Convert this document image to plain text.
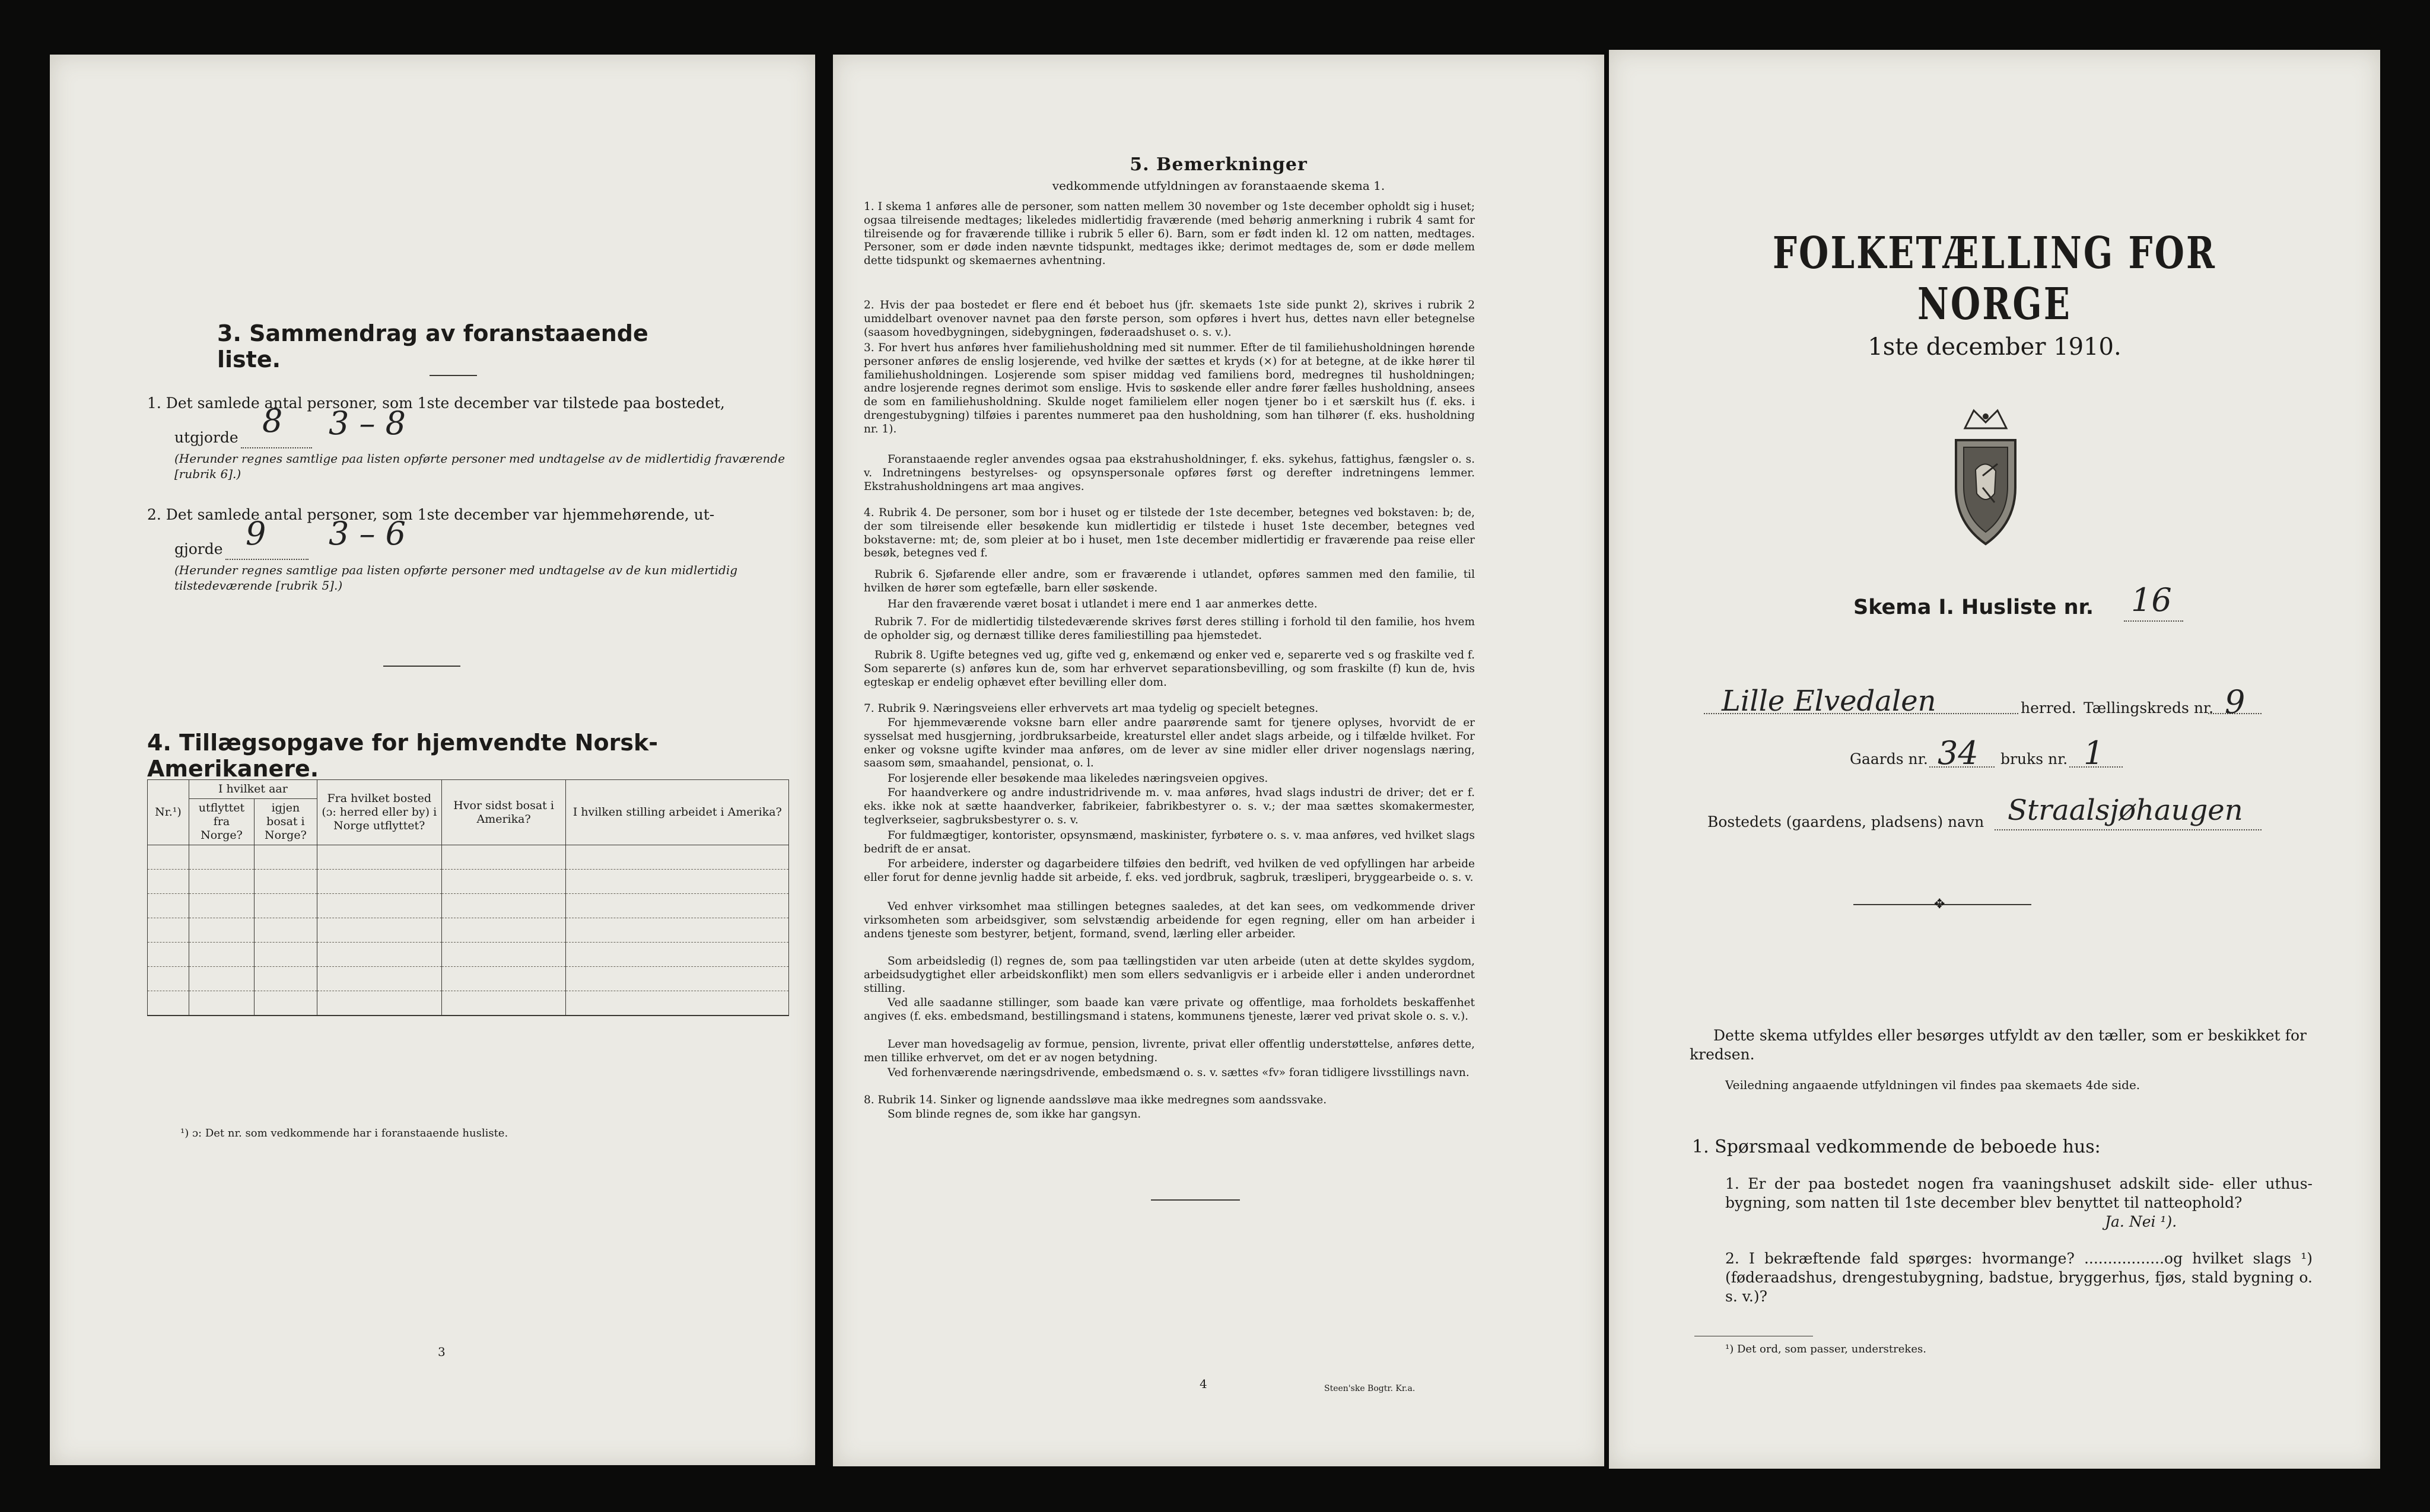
3. Sammendrag av foranstaaende liste.
1. Det samlede antal personer, som 1ste december var tilstede paa bostedet,
utgjorde 8 3 – 8
(Herunder regnes samtlige paa listen opførte personer med undtagelse av de midlertidig fraværende [rubrik 6].)
2. Det samlede antal personer, som 1ste december var hjemmehørende, ut-
gjorde 9 3 – 6
(Herunder regnes samtlige paa listen opførte personer med undtagelse av de kun midlertidig tilstedeværende [rubrik 5].)
4. Tillægsopgave for hjemvendte Norsk-Amerikanere.
Nr.¹)	I hvilket aar		Fra hvilket bosted (ɔ: herred eller by) i Norge utflyttet?	Hvor sidst bosat i Amerika?	I hvilken stilling arbeidet i Amerika?
	utflyttet fra Norge?	igjen bosat i Norge?			

¹) ɔ: Det nr. som vedkommende har i foranstaaende husliste.
3
5. Bemerkninger
vedkommende utfyldningen av foranstaaende skema 1.
1. I skema 1 anføres alle de personer, som natten mellem 30 november og 1ste december opholdt sig i huset; ogsaa tilreisende medtages; likeledes midlertidig fraværende (med behørig anmerkning i rubrik 4 samt for tilreisende og for fraværende tillike i rubrik 5 eller 6). Barn, som er født inden kl. 12 om natten, medtages. Personer, som er døde inden nævnte tidspunkt, medtages ikke; derimot medtages de, som er døde mellem dette tidspunkt og skemaernes avhentning.
2. Hvis der paa bostedet er flere end ét beboet hus (jfr. skemaets 1ste side punkt 2), skrives i rubrik 2 umiddelbart ovenover navnet paa den første person, som opføres i hvert hus, dettes navn eller betegnelse (saasom hovedbygningen, sidebygningen, føderaadshuset o. s. v.).
3. For hvert hus anføres hver familiehusholdning med sit nummer. Efter de til familiehusholdningen hørende personer anføres de enslig losjerende, ved hvilke der sættes et kryds (×) for at betegne, at de ikke hører til familiehusholdningen. Losjerende som spiser middag ved familiens bord, medregnes til husholdningen; andre losjerende regnes derimot som enslige. Hvis to søskende eller andre fører fælles husholdning, ansees de som en familiehusholdning. Skulde noget familielem eller nogen tjener bo i et særskilt hus (f. eks. i drengestubygning) tilføies i parentes nummeret paa den husholdning, som han tilhører (f. eks. husholdning nr. 1).
Foranstaaende regler anvendes ogsaa paa ekstrahusholdninger, f. eks. sykehus, fattighus, fængsler o. s. v. Indretningens bestyrelses- og opsynspersonale opføres først og derefter indretningens lemmer. Ekstrahusholdningens art maa angives.
4. Rubrik 4. De personer, som bor i huset og er tilstede der 1ste december, betegnes ved bokstaven: b; de, der som tilreisende eller besøkende kun midlertidig er tilstede i huset 1ste december, betegnes ved bokstaverne: mt; de, som pleier at bo i huset, men 1ste december midlertidig er fraværende paa reise eller besøk, betegnes ved f.
Rubrik 6. Sjøfarende eller andre, som er fraværende i utlandet, opføres sammen med den familie, til hvilken de hører som egtefælle, barn eller søskende.
Har den fraværende været bosat i utlandet i mere end 1 aar anmerkes dette.
Rubrik 7. For de midlertidig tilstedeværende skrives først deres stilling i forhold til den familie, hos hvem de opholder sig, og dernæst tillike deres familiestilling paa hjemstedet.
Rubrik 8. Ugifte betegnes ved ug, gifte ved g, enkemænd og enker ved e, separerte ved s og fraskilte ved f. Som separerte (s) anføres kun de, som har erhvervet separationsbevilling, og som fraskilte (f) kun de, hvis egteskap er endelig ophævet efter bevilling eller dom.
7. Rubrik 9. Næringsveiens eller erhvervets art maa tydelig og specielt betegnes.
For hjemmeværende voksne barn eller andre paarørende samt for tjenere oplyses, hvorvidt de er sysselsat med husgjerning, jordbruksarbeide, kreaturstel eller andet slags arbeide, og i tilfælde hvilket. For enker og voksne ugifte kvinder maa anføres, om de lever av sine midler eller driver nogenslags næring, saasom søm, smaahandel, pensionat, o. l.
For losjerende eller besøkende maa likeledes næringsveien opgives.
For haandverkere og andre industridrivende m. v. maa anføres, hvad slags industri de driver; det er f. eks. ikke nok at sætte haandverker, fabrikeier, fabrikbestyrer o. s. v.; der maa sættes skomakermester, teglverkseier, sagbruksbestyrer o. s. v.
For fuldmægtiger, kontorister, opsynsmænd, maskinister, fyrbøtere o. s. v. maa anføres, ved hvilket slags bedrift de er ansat.
For arbeidere, inderster og dagarbeidere tilføies den bedrift, ved hvilken de ved opfyllingen har arbeide eller forut for denne jevnlig hadde sit arbeide, f. eks. ved jordbruk, sagbruk, træsliperi, bryggearbeide o. s. v.
Ved enhver virksomhet maa stillingen betegnes saaledes, at det kan sees, om vedkommende driver virksomheten som arbeidsgiver, som selvstændig arbeidende for egen regning, eller om han arbeider i andens tjeneste som bestyrer, betjent, formand, svend, lærling eller arbeider.
Som arbeidsledig (l) regnes de, som paa tællingstiden var uten arbeide (uten at dette skyldes sygdom, arbeidsudygtighet eller arbeidskonflikt) men som ellers sedvanligvis er i arbeide eller i anden underordnet stilling.
Ved alle saadanne stillinger, som baade kan være private og offentlige, maa forholdets beskaffenhet angives (f. eks. embedsmand, bestillingsmand i statens, kommunens tjeneste, lærer ved privat skole o. s. v.).
Lever man hovedsagelig av formue, pension, livrente, privat eller offentlig understøttelse, anføres dette, men tillike erhvervet, om det er av nogen betydning.
Ved forhenværende næringsdrivende, embedsmænd o. s. v. sættes «fv» foran tidligere livsstillings navn.
8. Rubrik 14. Sinker og lignende aandssløve maa ikke medregnes som aandssvake.
Som blinde regnes de, som ikke har gangsyn.
4	Steen'ske Bogtr. Kr.a.
FOLKETÆLLING FOR NORGE
1ste december 1910.
Skema I. Husliste nr. 16
Lille Elvedalen	herred. Tællingskreds nr. 9
Gaards nr. 34 bruks nr. 1
Bostedets (gaardens, pladsens) navn Straalsjøhaugen
✥
Dette skema utfyldes eller besørges utfyldt av den tæller, som er beskikket for kredsen.
Veiledning angaaende utfyldningen vil findes paa skemaets 4de side.
1. Spørsmaal vedkommende de beboede hus:
1. Er der paa bostedet nogen fra vaaningshuset adskilt side- eller uthus-bygning, som natten til 1ste december blev benyttet til natteophold?
Ja. Nei ¹).
2. I bekræftende fald spørges: hvormange? .................og hvilket slags ¹) (føderaadshus, drengestubygning, badstue, bryggerhus, fjøs, stald bygning o. s. v.)?
¹) Det ord, som passer, understrekes.
